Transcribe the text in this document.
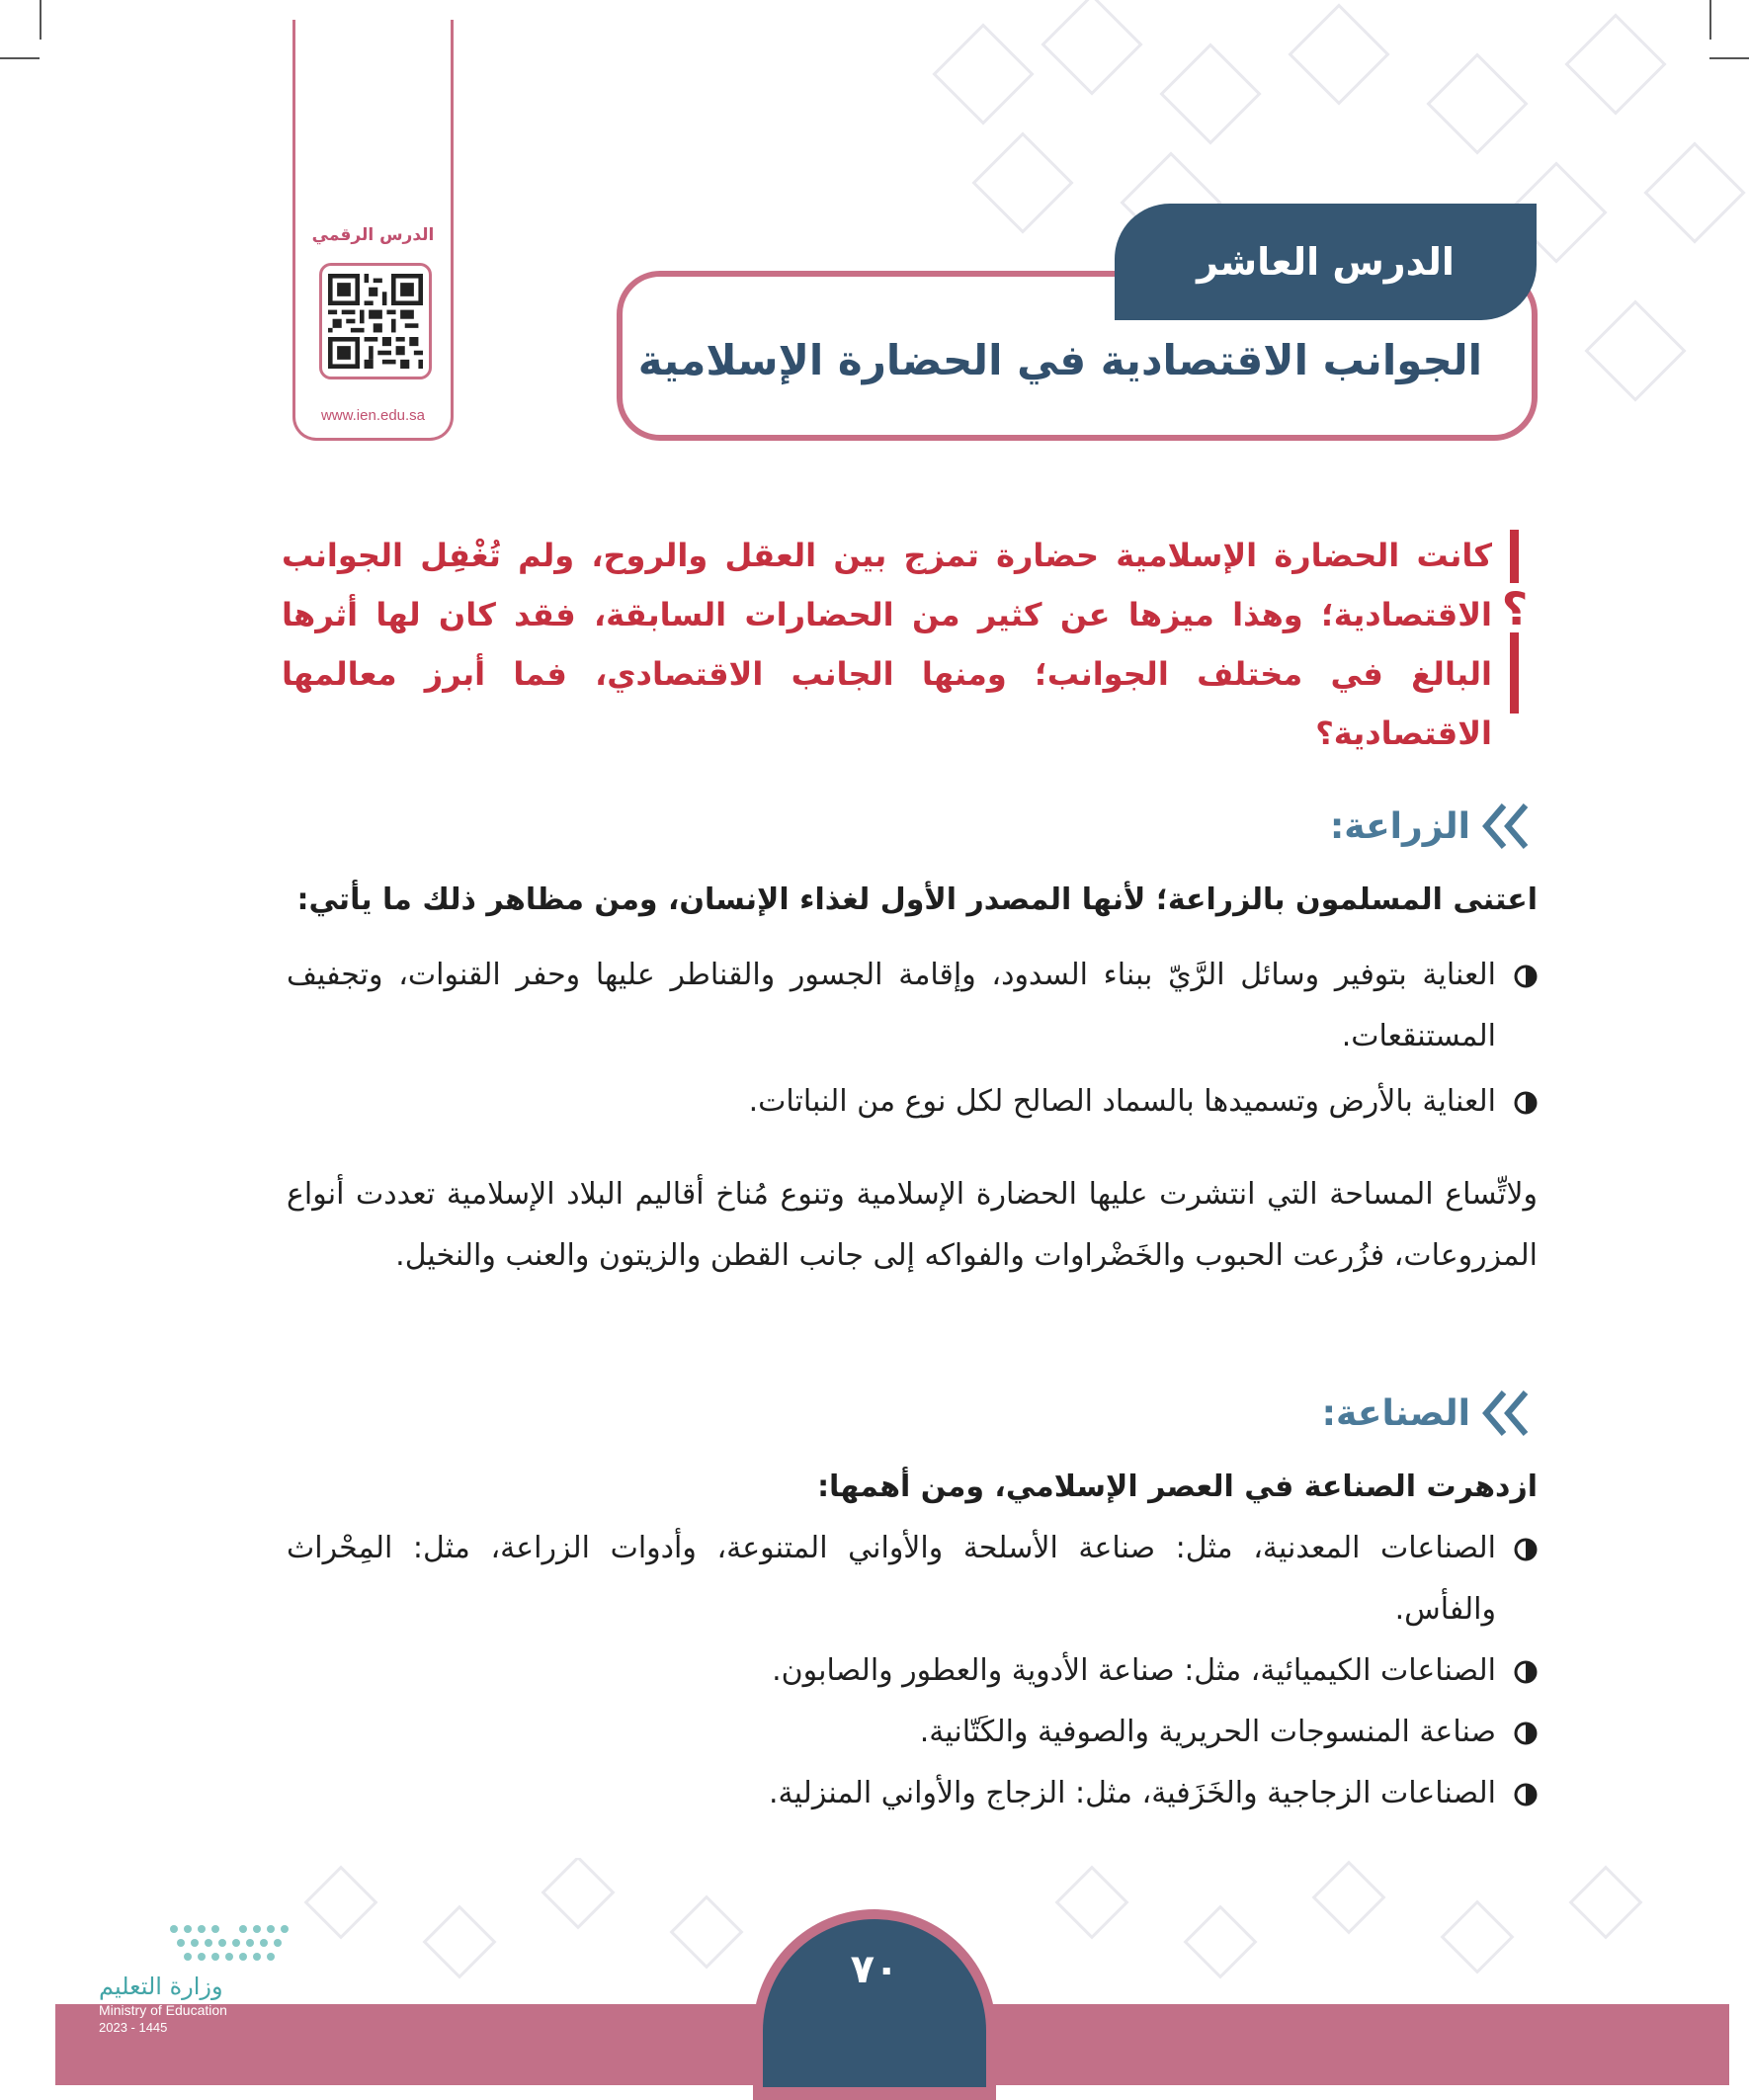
الدرس الرقمي
www.ien.edu.sa
الدرس العاشر
الجوانب الاقتصادية في الحضارة الإسلامية
؟
كانت الحضارة الإسلامية حضارة تمزج بين العقل والروح، ولم تُغْفِل الجوانب الاقتصادية؛ وهذا ميزها عن كثير من الحضارات السابقة، فقد كان لها أثرها البالغ في مختلف الجوانب؛ ومنها الجانب الاقتصادي، فما أبرز معالمها الاقتصادية؟
الزراعة:
اعتنى المسلمون بالزراعة؛ لأنها المصدر الأول لغذاء الإنسان، ومن مظاهر ذلك ما يأتي:
العناية بتوفير وسائل الرَّيّ ببناء السدود، وإقامة الجسور والقناطر عليها وحفر القنوات، وتجفيف المستنقعات.
العناية بالأرض وتسميدها بالسماد الصالح لكل نوع من النباتات.
ولاتِّساع المساحة التي انتشرت عليها الحضارة الإسلامية وتنوع مُناخ أقاليم البلاد الإسلامية تعددت أنواع المزروعات، فزُرعت الحبوب والخَضْراوات والفواكه إلى جانب القطن والزيتون والعنب والنخيل.
الصناعة:
ازدهرت الصناعة في العصر الإسلامي، ومن أهمها:
الصناعات المعدنية، مثل: صناعة الأسلحة والأواني المتنوعة، وأدوات الزراعة، مثل: المِحْراث والفأس.
الصناعات الكيميائية، مثل: صناعة الأدوية والعطور والصابون.
صناعة المنسوجات الحريرية والصوفية والكَتّانية.
الصناعات الزجاجية والخَزَفية، مثل: الزجاج والأواني المنزلية.
٧٠
وزارة التعليم
Ministry of Education
2023 - 1445
